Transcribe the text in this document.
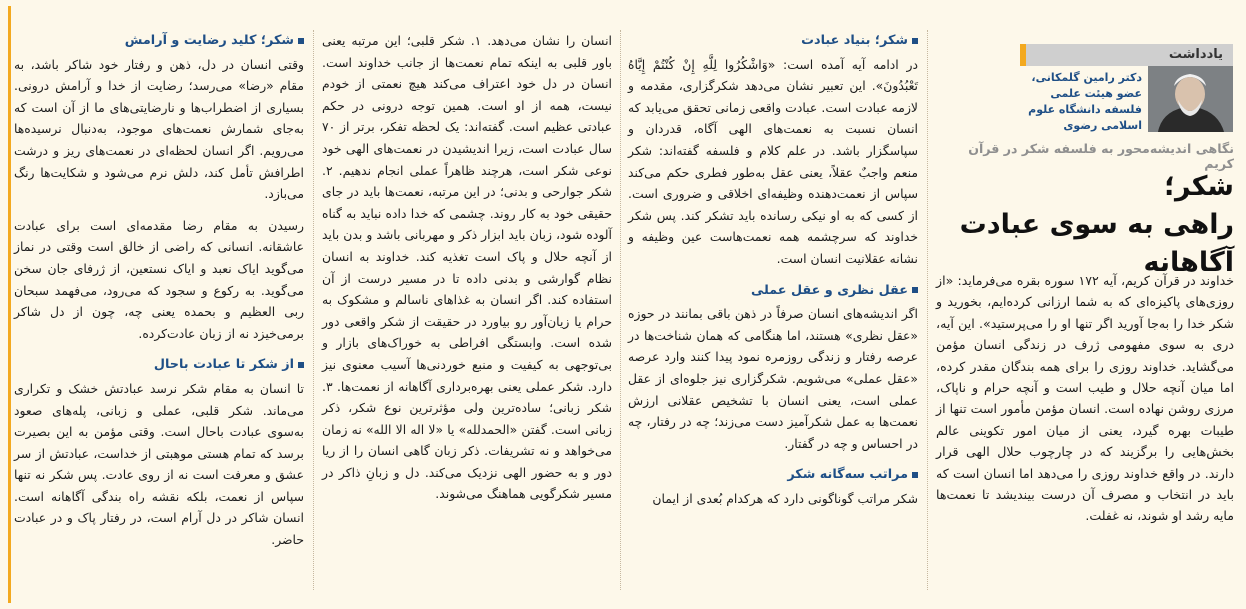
شکر؛ کلید رضایت و آرامش

وقتی انسان در دل، ذهن و رفتار خود شاکر باشد، به مقام «رضا» می‌رسد؛ رضایت از خدا و آرامش درونی. بسیاری از اضطراب‌ها و نارضایتی‌های ما از آن است که به‌جای شمارش نعمت‌های موجود، به‌دنبال نرسیده‌ها می‌رویم. اگر انسان لحظه‌ای در نعمت‌های ریز و درشت اطرافش تأمل کند، دلش نرم می‌شود و شکایت‌ها رنگ می‌بازد.

رسیدن به مقام رضا مقدمه‌ای است برای عبادت عاشقانه. انسانی که راضی از خالق است وقتی در نماز می‌گوید ایاک نعبد و ایاک نستعین، از ژرفای جان سخن می‌گوید. به رکوع و سجود که می‌رود، می‌فهمد سبحان ربی العظیم و بحمده یعنی چه، چون از دل شاکر برمی‌خیزد نه از زبان عادت‌کرده.

از شکر تا عبادت باحال

تا انسان به مقام شکر نرسد عبادتش خشک و تکراری می‌ماند. شکر قلبی، عملی و زبانی، پله‌های صعود به‌سوی عبادت باحال است. وقتی مؤمن به این بصیرت برسد که تمام هستی موهبتی از خداست، عبادتش از سر عشق و معرفت است نه از روی عادت. پس شکر نه تنها سپاس از نعمت، بلکه نقشه راه بندگی آگاهانه است. انسان شاکر در دل آرام است، در رفتار پاک و در عبادت حاضر.

انسان را نشان می‌دهد. ۱. شکر قلبی؛ این مرتبه یعنی باور قلبی به اینکه تمام نعمت‌ها از جانب خداوند است. انسان در دل خود اعتراف می‌کند هیچ نعمتی از خودم نیست، همه از او است. همین توجه درونی در حکم عبادتی عظیم است. گفته‌اند: یک لحظه تفکر، برتر از ۷۰ سال عبادت است، زیرا اندیشیدن در نعمت‌های الهی خود نوعی شکر است، هرچند ظاهراً عملی انجام ندهیم. ۲. شکر جوارحی و بدنی؛ در این مرتبه، نعمت‌ها باید در جای حقیقی خود به کار روند. چشمی که خدا داده نباید به گناه آلوده شود، زبان باید ابزار ذکر و مهربانی باشد و بدن باید از آنچه حلال و پاک است تغذیه کند. خداوند به انسان نظام گوارشی و بدنی داده تا در مسیر درست از آن استفاده کند. اگر انسان به غذاهای ناسالم و مشکوک به حرام یا زیان‌آور رو بیاورد در حقیقت از شکر واقعی دور شده است. وابستگی افراطی به خوراک‌های بازار و بی‌توجهی به کیفیت و منبع خوردنی‌ها آسیب معنوی نیز دارد. شکر عملی یعنی بهره‌برداری آگاهانه از نعمت‌ها. ۳. شکر زبانی؛ ساده‌ترین ولی مؤثرترین نوع شکر، ذکر زبانی است. گفتن «الحمدلله» یا «لا اله الا الله» نه زمان می‌خواهد و نه تشریفات. ذکر زبان گاهی انسان را از ریا دور و به حضور الهی نزدیک می‌کند. دل و زبانِ ذاکر در مسیر شکرگویی هماهنگ می‌شوند.

شکر؛ بنیاد عبادت

در ادامه آیه آمده است: «وَاشْکُرُوا لِلَّهِ إِنْ کُنْتُمْ إِیَّاهُ تَعْبُدُونَ». این تعبیر نشان می‌دهد شکرگزاری، مقدمه و لازمه عبادت است. عبادت واقعی زمانی تحقق می‌یابد که انسان نسبت به نعمت‌های الهی آگاه، قدردان و سپاسگزار باشد. در علم کلام و فلسفه گفته‌اند: شکر منعم واجبٌ عقلاً، یعنی عقل به‌طور فطری حکم می‌کند سپاس از نعمت‌دهنده وظیفه‌ای اخلاقی و ضروری است. از کسی که به او نیکی رسانده باید تشکر کند. پس شکر خداوند که سرچشمه همه نعمت‌هاست عین وظیفه و نشانه عقلانیت انسان است.

عقل نظری و عقل عملی

اگر اندیشه‌های انسان صرفاً در ذهن باقی بمانند در حوزه «عقل نظری» هستند، اما هنگامی که همان شناخت‌ها در عرصه رفتار و زندگی روزمره نمود پیدا کنند وارد عرصه «عقل عملی» می‌شویم. شکرگزاری نیز جلوه‌ای از عقل عملی است، یعنی انسان با تشخیص عقلانی ارزش نعمت‌ها به عمل شکرآمیز دست می‌زند؛ چه در رفتار، چه در احساس و چه در گفتار.

مراتب سه‌گانه شکر

شکر مراتب گوناگونی دارد که هرکدام بُعدی از ایمان

یادداشت
دکتر رامین گلمکانی، عضو هیئت علمی فلسفه دانشگاه علوم اسلامی رضوی
نگاهی اندیشه‌محور به فلسفه شکر در قرآن کریم
شکر؛
راهی به سوی عبادت آگاهانه

خداوند در قرآن کریم، آیه ۱۷۲ سوره بقره می‌فرماید: «از روزی‌های پاکیزه‌ای که به شما ارزانی کرده‌ایم، بخورید و شکر خدا را به‌جا آورید اگر تنها او را می‌پرستید». این آیه، دری به سوی مفهومی ژرف در زندگی انسان مؤمن می‌گشاید. خداوند روزی را برای همه بندگان مقدر کرده، اما میان آنچه حلال و طیب است و آنچه حرام و ناپاک، مرزی روشن نهاده است. انسان مؤمن مأمور است تنها از طیبات بهره گیرد، یعنی از میان امور تکوینی عالم بخش‌هایی را برگزیند که در چارچوب حلال الهی قرار دارند. در واقع خداوند روزی را می‌دهد اما انسان است که باید در انتخاب و مصرف آن درست بیندیشد تا نعمت‌ها مایه رشد او شوند، نه غفلت.
